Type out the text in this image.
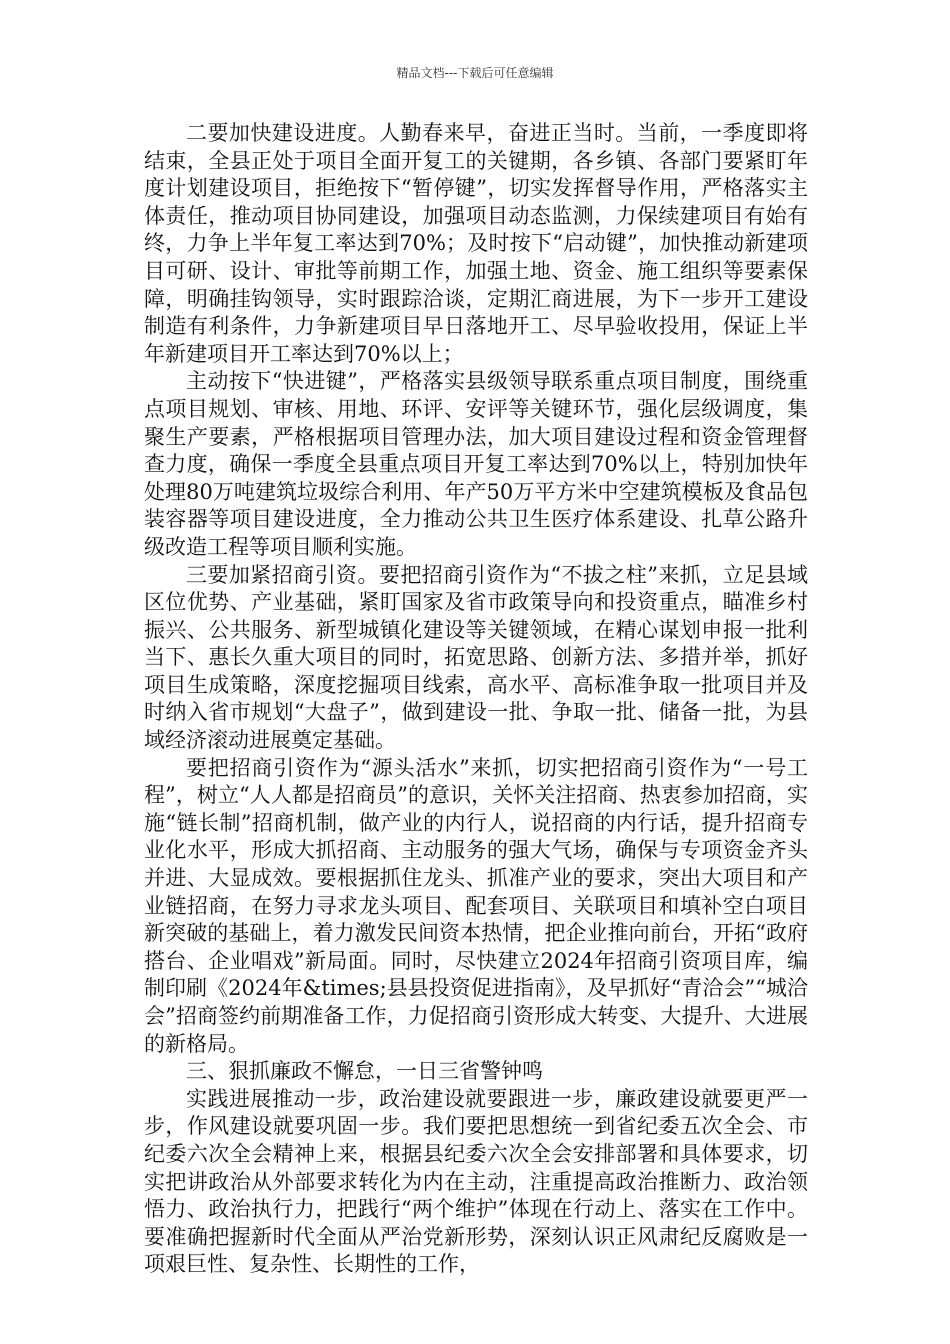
精品文档---下载后可任意编辑

二要加快建设进度。人勤春来早，奋进正当时。当前，一季度即将结束，全县正处于项目全面开复工的关键期，各乡镇、各部门要紧盯年度计划建设项目，拒绝按下“暂停键”，切实发挥督导作用，严格落实主体责任，推动项目协同建设，加强项目动态监测，力保续建项目有始有终，力争上半年复工率达到70%；及时按下“启动键”，加快推动新建项目可研、设计、审批等前期工作，加强土地、资金、施工组织等要素保障，明确挂钩领导，实时跟踪洽谈，定期汇商进展，为下一步开工建设制造有利条件，力争新建项目早日落地开工、尽早验收投用，保证上半年新建项目开工率达到70%以上；

主动按下“快进键”，严格落实县级领导联系重点项目制度，围绕重点项目规划、审核、用地、环评、安评等关键环节，强化层级调度，集聚生产要素，严格根据项目管理办法，加大项目建设过程和资金管理督查力度，确保一季度全县重点项目开复工率达到70%以上，特别加快年处理80万吨建筑垃圾综合利用、年产50万平方米中空建筑模板及食品包装容器等项目建设进度，全力推动公共卫生医疗体系建设、扎草公路升级改造工程等项目顺利实施。

三要加紧招商引资。要把招商引资作为“不拔之柱”来抓，立足县域区位优势、产业基础，紧盯国家及省市政策导向和投资重点，瞄准乡村振兴、公共服务、新型城镇化建设等关键领域，在精心谋划申报一批利当下、惠长久重大项目的同时，拓宽思路、创新方法、多措并举，抓好项目生成策略，深度挖掘项目线索，高水平、高标准争取一批项目并及时纳入省市规划“大盘子”，做到建设一批、争取一批、储备一批，为县域经济滚动进展奠定基础。

要把招商引资作为“源头活水”来抓，切实把招商引资作为“一号工程”，树立“人人都是招商员”的意识，关怀关注招商、热衷参加招商，实施“链长制”招商机制，做产业的内行人，说招商的内行话，提升招商专业化水平，形成大抓招商、主动服务的强大气场，确保与专项资金齐头并进、大显成效。要根据抓住龙头、抓准产业的要求，突出大项目和产业链招商，在努力寻求龙头项目、配套项目、关联项目和填补空白项目新突破的基础上，着力激发民间资本热情，把企业推向前台，开拓“政府搭台、企业唱戏”新局面。同时，尽快建立2024年招商引资项目库，编制印刷《2024年&times;县县投资促进指南》，及早抓好“青洽会”“城洽会”招商签约前期准备工作，力促招商引资形成大转变、大提升、大进展的新格局。

三、狠抓廉政不懈怠，一日三省警钟鸣

实践进展推动一步，政治建设就要跟进一步，廉政建设就要更严一步，作风建设就要巩固一步。我们要把思想统一到省纪委五次全会、市纪委六次全会精神上来，根据县纪委六次全会安排部署和具体要求，切实把讲政治从外部要求转化为内在主动，注重提高政治推断力、政治领悟力、政治执行力，把践行“两个维护”体现在行动上、落实在工作中。要准确把握新时代全面从严治党新形势，深刻认识正风肃纪反腐败是一项艰巨性、复杂性、长期性的工作，
